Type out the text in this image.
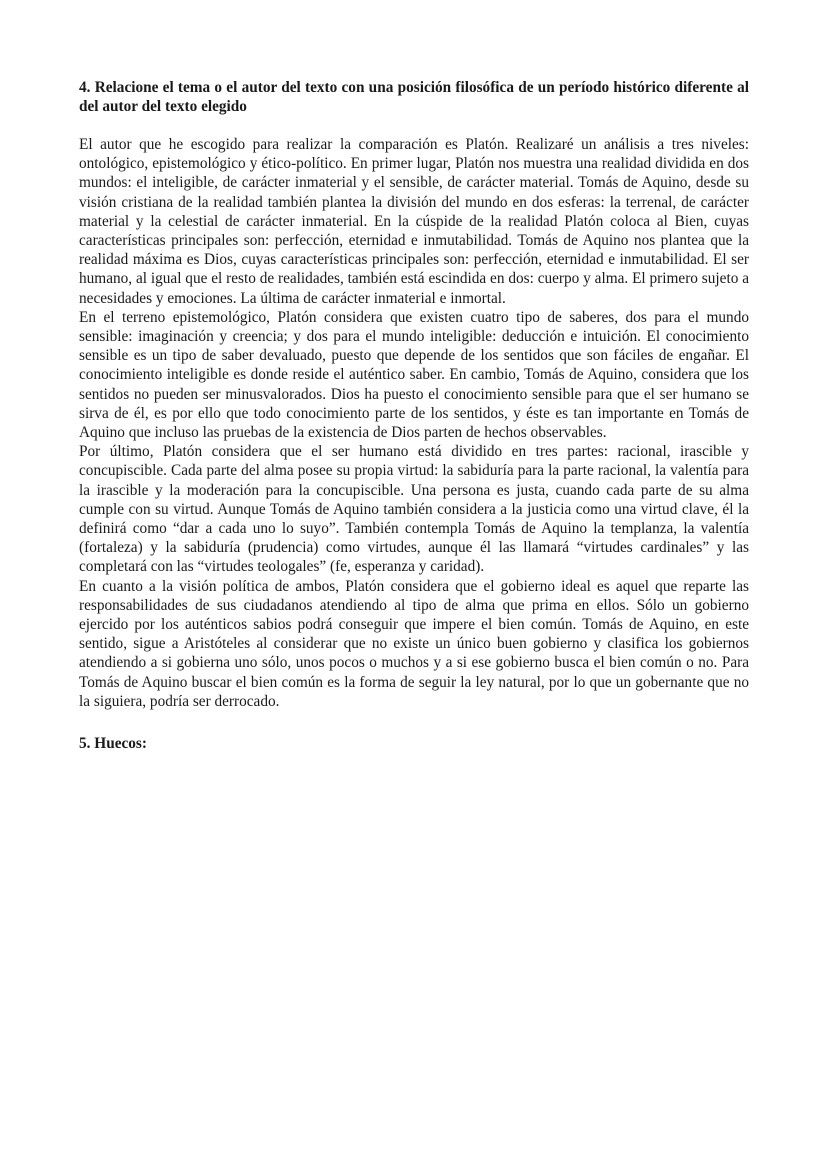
4. Relacione el tema o el autor del texto con una posición filosófica de un período histórico diferente al del autor del texto elegido

El autor que he escogido para realizar la comparación es Platón. Realizaré un análisis a tres niveles: ontológico, epistemológico y ético-político. En primer lugar, Platón nos muestra una realidad dividida en dos mundos: el inteligible, de carácter inmaterial y el sensible, de carácter material. Tomás de Aquino, desde su visión cristiana de la realidad también plantea la división del mundo en dos esferas: la terrenal, de carácter material y la celestial de carácter inmaterial. En la cúspide de la realidad Platón coloca al Bien, cuyas características principales son: perfección, eternidad e inmutabilidad. Tomás de Aquino nos plantea que la realidad máxima es Dios, cuyas características principales son: perfección, eternidad e inmutabilidad. El ser humano, al igual que el resto de realidades, también está escindida en dos: cuerpo y alma. El primero sujeto a necesidades y emociones. La última de carácter inmaterial e inmortal.

En el terreno epistemológico, Platón considera que existen cuatro tipo de saberes, dos para el mundo sensible: imaginación y creencia; y dos para el mundo inteligible: deducción e intuición. El conocimiento sensible es un tipo de saber devaluado, puesto que depende de los sentidos que son fáciles de engañar. El conocimiento inteligible es donde reside el auténtico saber. En cambio, Tomás de Aquino, considera que los sentidos no pueden ser minusvalorados. Dios ha puesto el conocimiento sensible para que el ser humano se sirva de él, es por ello que todo conocimiento parte de los sentidos, y éste es tan importante en Tomás de Aquino que incluso las pruebas de la existencia de Dios parten de hechos observables.

Por último, Platón considera que el ser humano está dividido en tres partes: racional, irascible y concupiscible. Cada parte del alma posee su propia virtud: la sabiduría para la parte racional, la valentía para la irascible y la moderación para la concupiscible. Una persona es justa, cuando cada parte de su alma cumple con su virtud. Aunque Tomás de Aquino también considera a la justicia como una virtud clave, él la definirá como “dar a cada uno lo suyo”. También contempla Tomás de Aquino la templanza, la valentía (fortaleza) y la sabiduría (prudencia) como virtudes, aunque él las llamará “virtudes cardinales” y las completará con las “virtudes teologales” (fe, esperanza y caridad).

En cuanto a la visión política de ambos, Platón considera que el gobierno ideal es aquel que reparte las responsabilidades de sus ciudadanos atendiendo al tipo de alma que prima en ellos. Sólo un gobierno ejercido por los auténticos sabios podrá conseguir que impere el bien común. Tomás de Aquino, en este sentido, sigue a Aristóteles al considerar que no existe un único buen gobierno y clasifica los gobiernos atendiendo a si gobierna uno sólo, unos pocos o muchos y a si ese gobierno busca el bien común o no. Para Tomás de Aquino buscar el bien común es la forma de seguir la ley natural, por lo que un gobernante que no la siguiera, podría ser derrocado.

5. Huecos:
